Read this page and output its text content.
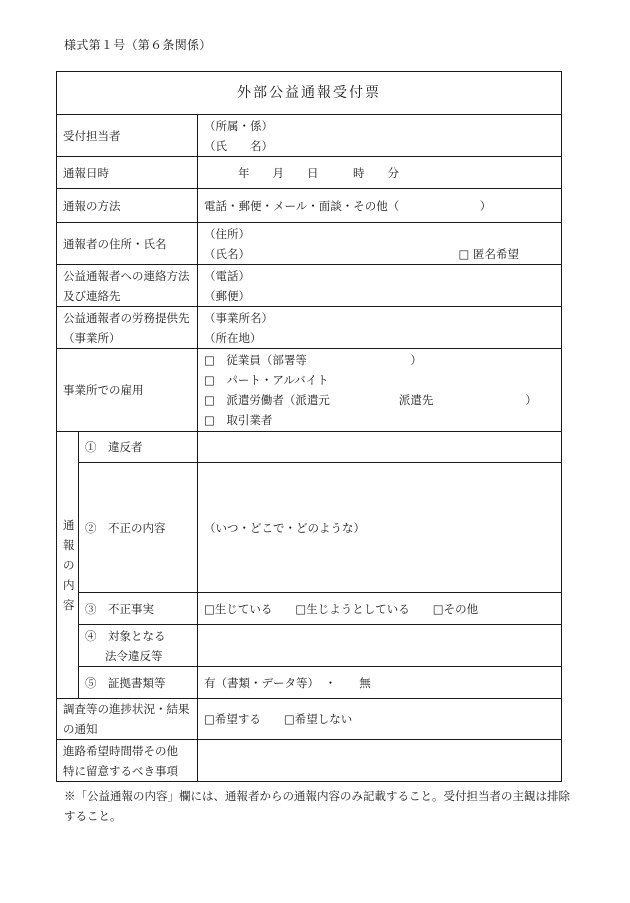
様式第１号（第６条関係）
外部公益通報受付票		
受付担当者		（所属・係）
（氏　　名）

通報日時		年　　月　　日　　　時　　分
通報の方法		電話・郵便・メール・面談・その他（　　　　　　　）
通報者の住所・氏名		（住所）
（氏名） □ 匿名希望

公益通報者への連絡方法
及び連絡先		（電話）
（郵便）

公益通報者の労務提供先
（事業所）		（事業所名）
（所在地）

事業所での雇用		□　従業員（部署等　　　　　　　　　）
□　パート・アルバイト
□　派遣労働者（派遣元　　　　　　派遣先　　　　　　　　）
□　取引業者

通
報
の
内
容	①　違反者	
	②　不正の内容	（いつ・どこで・どのような）
	③　不正事実	□生じている　　□生じようとしている　　□その他

	④　対象となる
法令違反等	

	⑤　証拠書類等	有（書類・データ等）　・　　無

調査等の進捗状況・結果
の通知		□希望する　　□希望しない

進路希望時間帯その他
特に留意するべき事項		

※「公益通報の内容」欄には、通報者からの通報内容のみ記載すること。受付担当者の主観は排除すること。
